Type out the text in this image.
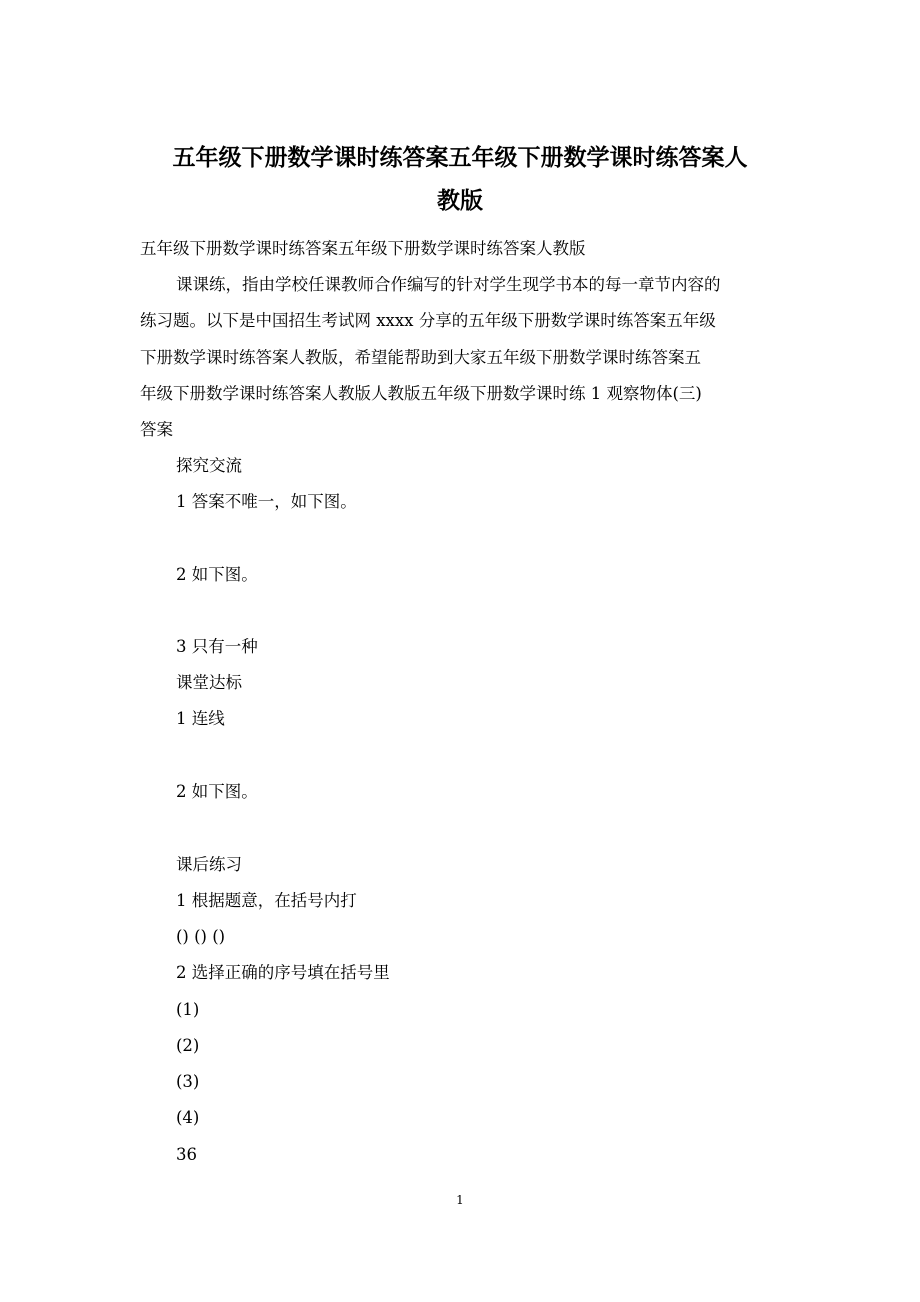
五年级下册数学课时练答案五年级下册数学课时练答案人
教版
五年级下册数学课时练答案五年级下册数学课时练答案人教版
课课练，指由学校任课教师合作编写的针对学生现学书本的每一章节内容的
练习题。以下是中国招生考试网 xxxx 分享的五年级下册数学课时练答案五年级
下册数学课时练答案人教版，希望能帮助到大家五年级下册数学课时练答案五
年级下册数学课时练答案人教版人教版五年级下册数学课时练 1 观察物体(三)
答案
探究交流
1 答案不唯一，如下图。
2 如下图。
3 只有一种
课堂达标
1 连线
2 如下图。
课后练习
1 根据题意，在括号内打
() () ()
2 选择正确的序号填在括号里
(1)
(2)
(3)
(4)
36
1
